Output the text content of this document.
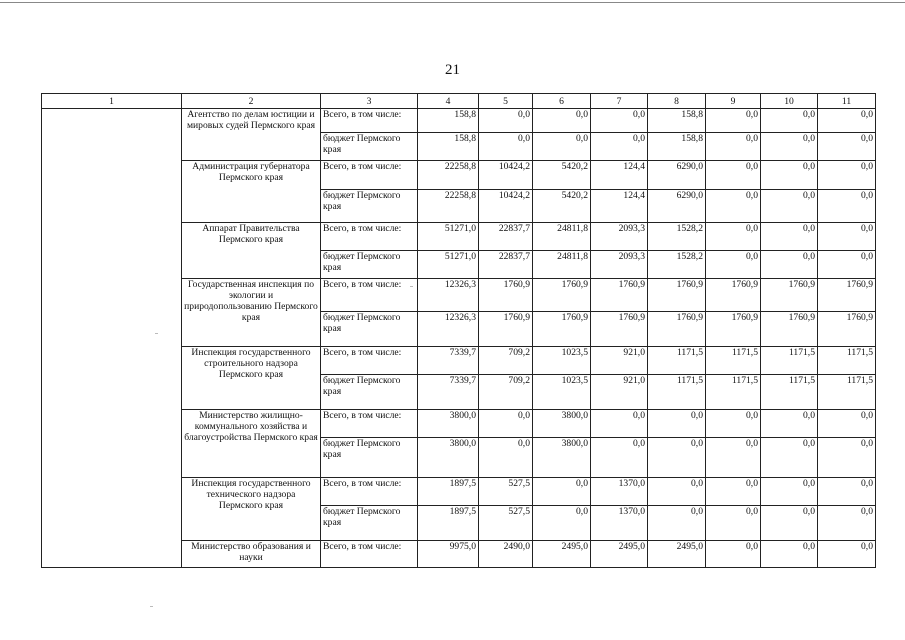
21
1	2	3	4	5	6	7	8	9	10	11
	Агентство по делам юстиции и мировых судей Пермского края	Всего, в том числе:	158,8	0,0	0,0	0,0	158,8	0,0	0,0	0,0
		бюджет Пермского края	158,8	0,0	0,0	0,0	158,8	0,0	0,0	0,0
	Администрация губернатора Пермского края	Всего, в том числе:	22258,8	10424,2	5420,2	124,4	6290,0	0,0	0,0	0,0
		бюджет Пермского края	22258,8	10424,2	5420,2	124,4	6290,0	0,0	0,0	0,0
	Аппарат Правительства Пермского края	Всего, в том числе:	51271,0	22837,7	24811,8	2093,3	1528,2	0,0	0,0	0,0
		бюджет Пермского края	51271,0	22837,7	24811,8	2093,3	1528,2	0,0	0,0	0,0
	Государственная инспекция по экологии и природопользованию Пермского края	Всего, в том числе:	12326,3	1760,9	1760,9	1760,9	1760,9	1760,9	1760,9	1760,9
		бюджет Пермского края	12326,3	1760,9	1760,9	1760,9	1760,9	1760,9	1760,9	1760,9
	Инспекция государственного строительного надзора Пермского края	Всего, в том числе:	7339,7	709,2	1023,5	921,0	1171,5	1171,5	1171,5	1171,5
		бюджет Пермского края	7339,7	709,2	1023,5	921,0	1171,5	1171,5	1171,5	1171,5
	Министерство жилищно-коммунального хозяйства и благоустройства Пермского края	Всего, в том числе:	3800,0	0,0	3800,0	0,0	0,0	0,0	0,0	0,0
		бюджет Пермского края	3800,0	0,0	3800,0	0,0	0,0	0,0	0,0	0,0
	Инспекция государственного технического надзора Пермского края	Всего, в том числе:	1897,5	527,5	0,0	1370,0	0,0	0,0	0,0	0,0
		бюджет Пермского края	1897,5	527,5	0,0	1370,0	0,0	0,0	0,0	0,0
	Министерство образования и науки	Всего, в том числе:	9975,0	2490,0	2495,0	2495,0	2495,0	0,0	0,0	0,0
